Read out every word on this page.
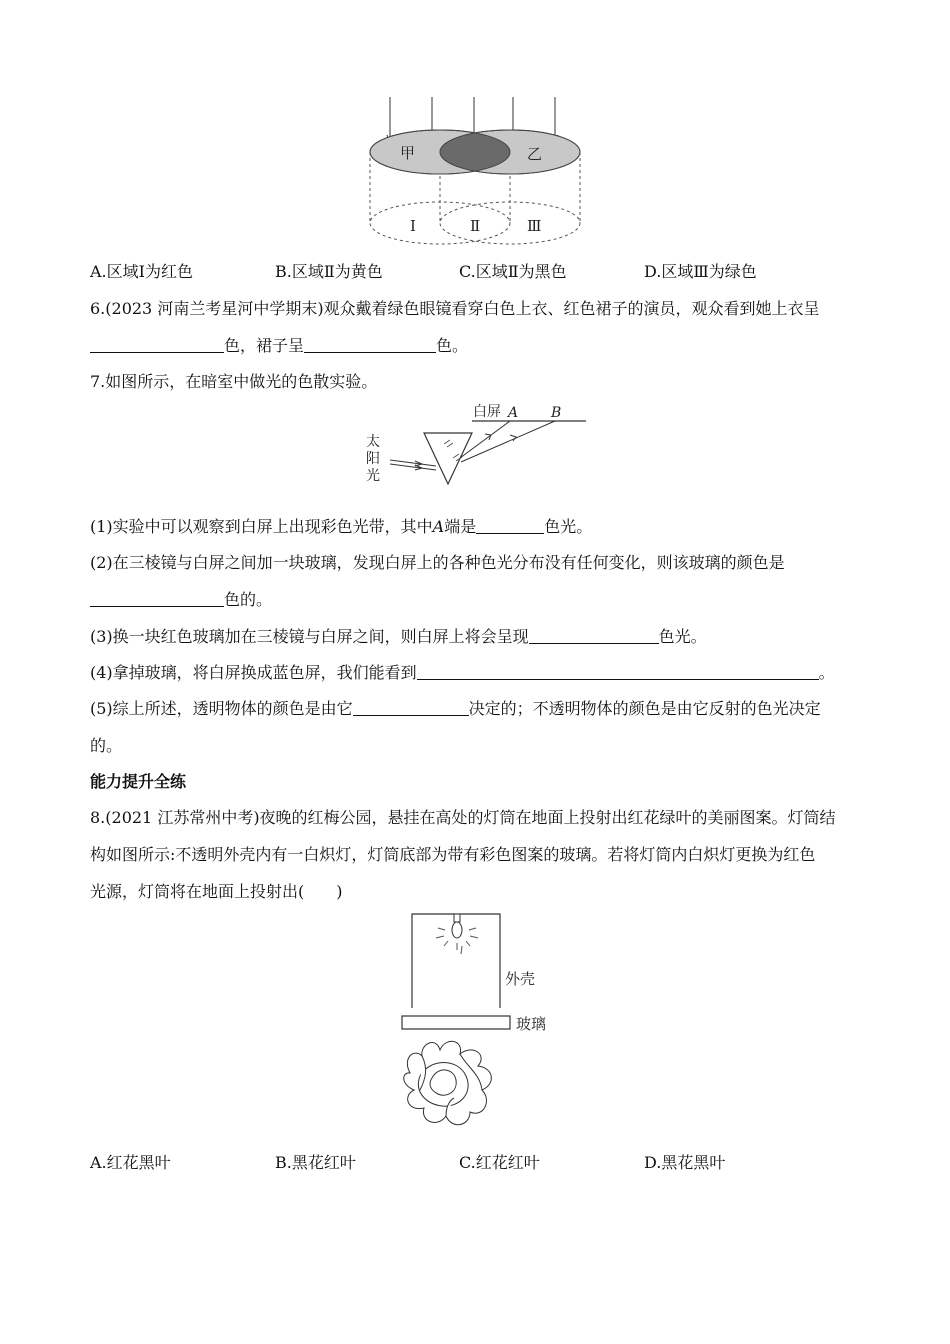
甲	乙
Ⅰ	Ⅱ	Ⅲ
A.区域Ⅰ为红色	B.区域Ⅱ为黄色	C.区域Ⅱ为黑色	D.区域Ⅲ为绿色
6.(2023 河南兰考星河中学期末)观众戴着绿色眼镜看穿白色上衣、红色裙子的演员，观众看到她上衣呈
色，裙子呈	色。
7.如图所示，在暗室中做光的色散实验。
白屏 A B
太
阳
光
(1)实验中可以观察到白屏上出现彩色光带，其中A端是	色光。
(2)在三棱镜与白屏之间加一块玻璃，发现白屏上的各种色光分布没有任何变化，则该玻璃的颜色是
色的。
(3)换一块红色玻璃加在三棱镜与白屏之间，则白屏上将会呈现	色光。
(4)拿掉玻璃，将白屏换成蓝色屏，我们能看到	。
(5)综上所述，透明物体的颜色是由它	决定的；不透明物体的颜色是由它反射的色光决定
的。
能力提升全练
8.(2021 江苏常州中考)夜晚的红梅公园，悬挂在高处的灯筒在地面上投射出红花绿叶的美丽图案。灯筒结
构如图所示:不透明外壳内有一白炽灯，灯筒底部为带有彩色图案的玻璃。若将灯筒内白炽灯更换为红色
光源，灯筒将在地面上投射出(　　)
外壳
玻璃
A.红花黑叶	B.黑花红叶	C.红花红叶	D.黑花黑叶
